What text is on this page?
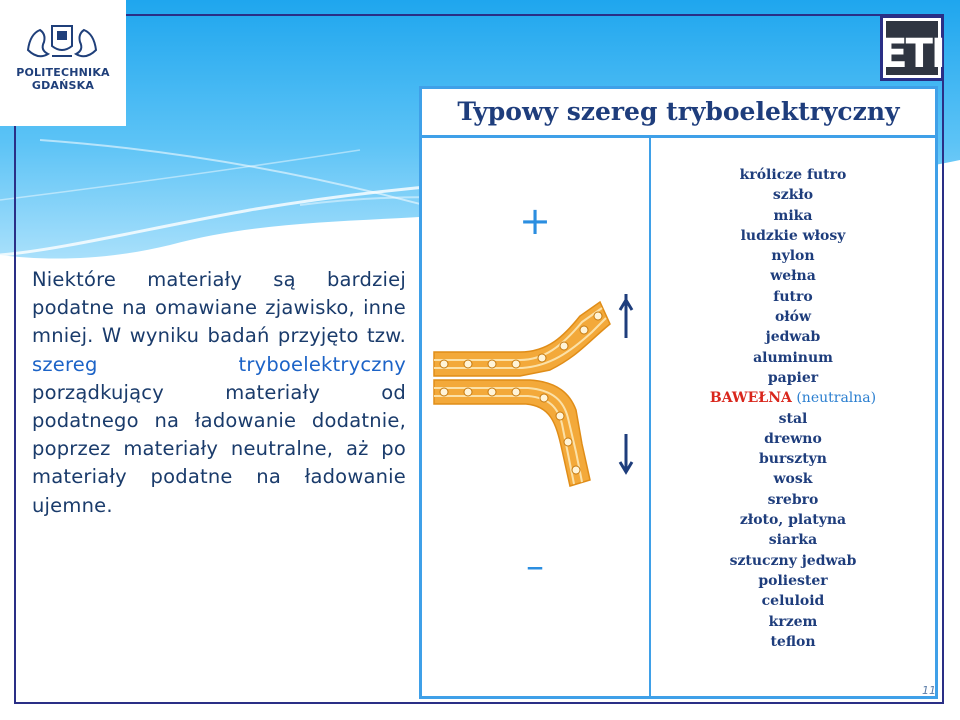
POLITECHNIKA
GDAŃSKA
ETI
Niektóre materiały są bardziej podatne na omawiane zjawisko, inne mniej. W wyniku badań przyjęto tzw. szereg tryboelektryczny porządkujący materiały od podatnego na ładowanie dodatnie, poprzez materiały neutralne, aż po materiały podatne na ładowanie ujemne.
Typowy szereg tryboelektryczny
+
–
królicze futro
szkło
mika
ludzkie włosy
nylon
wełna
futro
ołów
jedwab
aluminum
papier
BAWEŁNA (neutralna)
stal
drewno
bursztyn
wosk
srebro
złoto, platyna
siarka
sztuczny jedwab
poliester
celuloid
krzem
teflon
11
